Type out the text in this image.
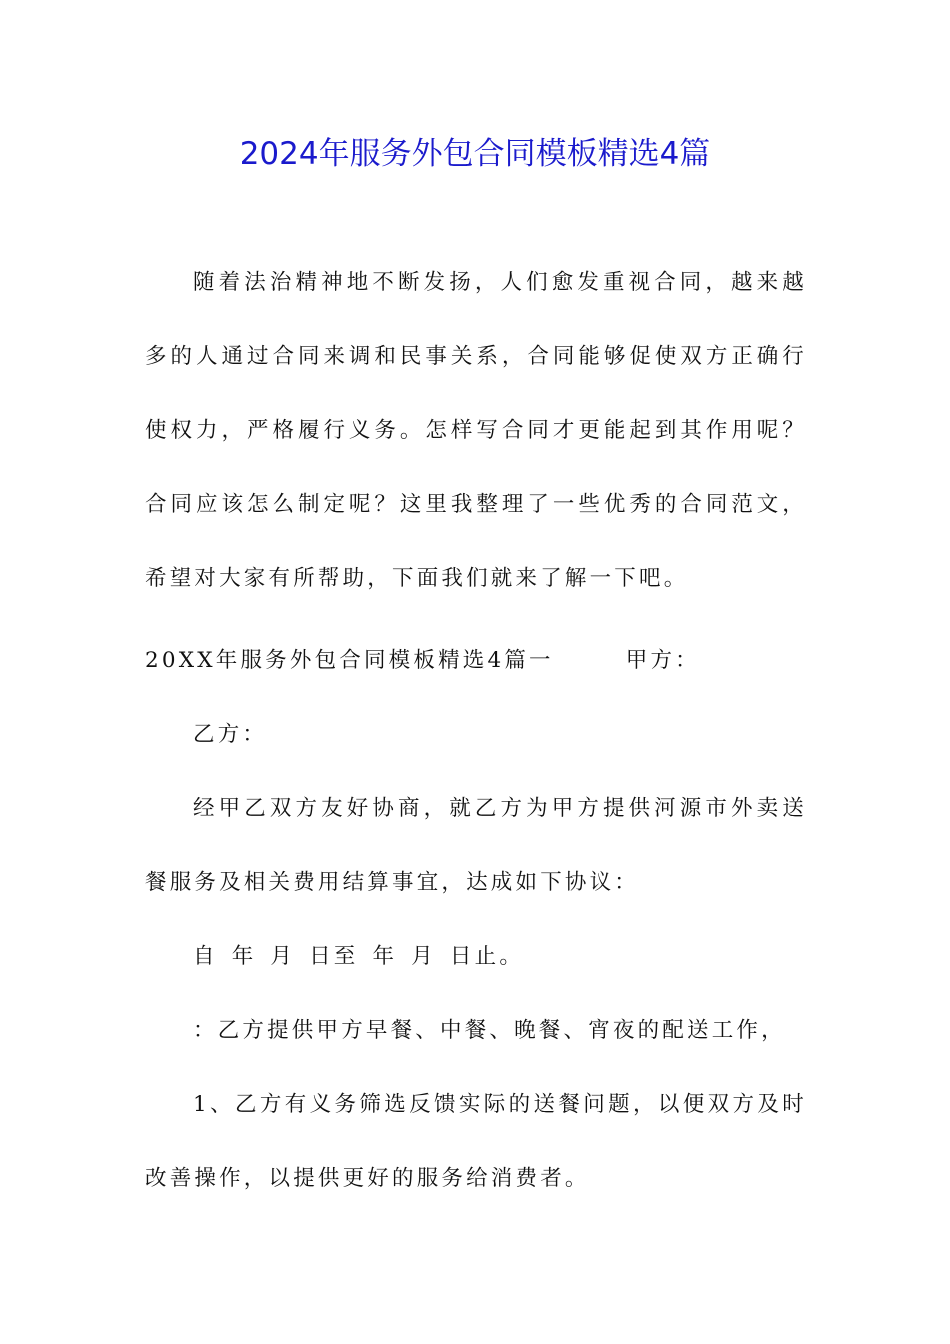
2024年服务外包合同模板精选4篇

随着法治精神地不断发扬，人们愈发重视合同，越来越多的人通过合同来调和民事关系，合同能够促使双方正确行使权力，严格履行义务。怎样写合同才更能起到其作用呢？合同应该怎么制定呢？这里我整理了一些优秀的合同范文，希望对大家有所帮助，下面我们就来了解一下吧。

20XX年服务外包合同模板精选4篇一	甲方：

乙方：

经甲乙双方友好协商，就乙方为甲方提供河源市外卖送餐服务及相关费用结算事宜，达成如下协议：

自 年 月 日至 年 月 日止。

：乙方提供甲方早餐、中餐、晚餐、宵夜的配送工作，

1、乙方有义务筛选反馈实际的送餐问题，以便双方及时改善操作，以提供更好的服务给消费者。
